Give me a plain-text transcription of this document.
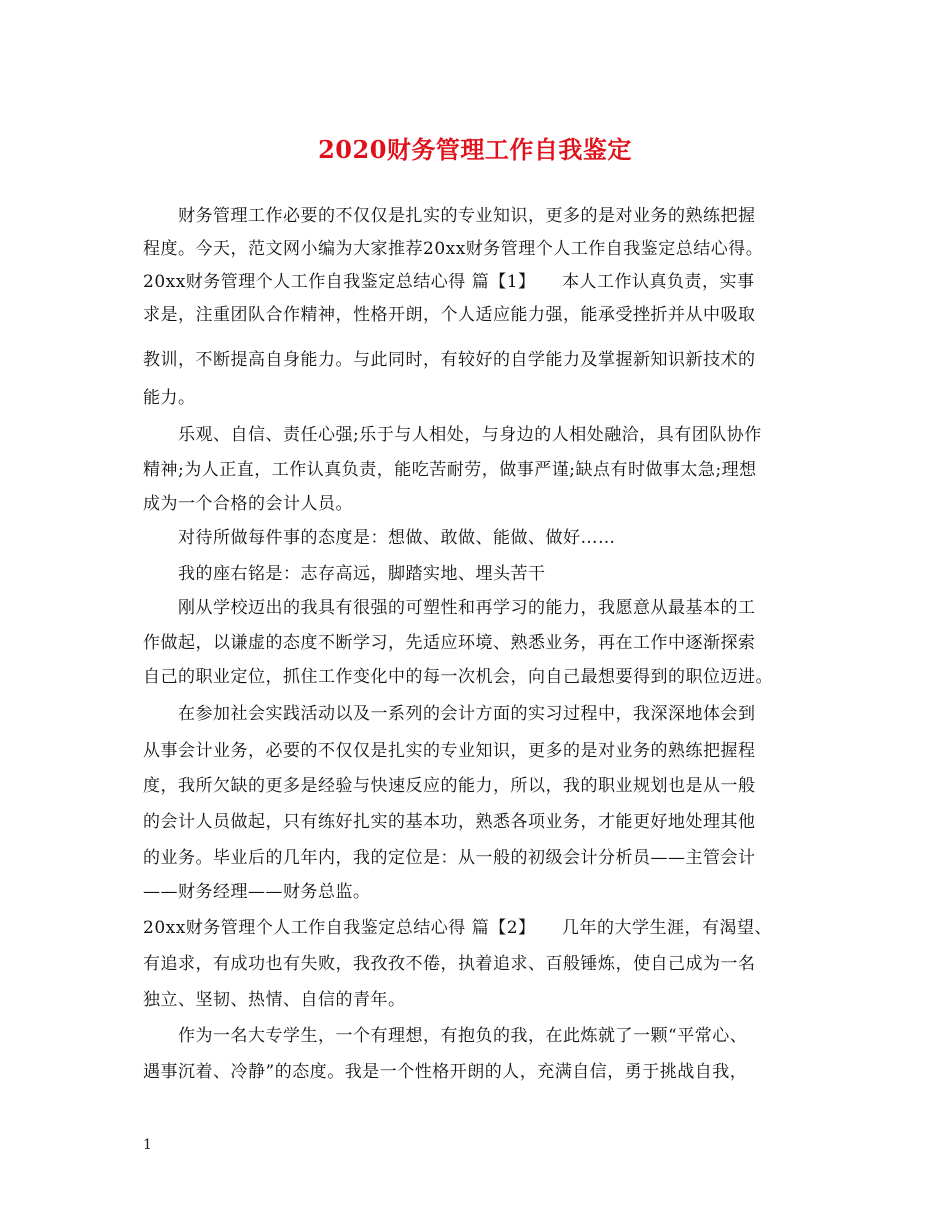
2020财务管理工作自我鉴定
　　财务管理工作必要的不仅仅是扎实的专业知识，更多的是对业务的熟练把握
程度。今天，范文网小编为大家推荐20xx财务管理个人工作自我鉴定总结心得。
20xx财务管理个人工作自我鉴定总结心得 篇【1】　　本人工作认真负责，实事
求是，注重团队合作精神，性格开朗，个人适应能力强，能承受挫折并从中吸取
教训，不断提高自身能力。与此同时，有较好的自学能力及掌握新知识新技术的
能力。
　　乐观、自信、责任心强;乐于与人相处，与身边的人相处融洽，具有团队协作
精神;为人正直，工作认真负责，能吃苦耐劳，做事严谨;缺点有时做事太急;理想
成为一个合格的会计人员。
　　对待所做每件事的态度是：想做、敢做、能做、做好……
　　我的座右铭是：志存高远，脚踏实地、埋头苦干
　　刚从学校迈出的我具有很强的可塑性和再学习的能力，我愿意从最基本的工
作做起，以谦虚的态度不断学习，先适应环境、熟悉业务，再在工作中逐渐探索
自己的职业定位，抓住工作变化中的每一次机会，向自己最想要得到的职位迈进。
　　在参加社会实践活动以及一系列的会计方面的实习过程中，我深深地体会到
从事会计业务，必要的不仅仅是扎实的专业知识，更多的是对业务的熟练把握程
度，我所欠缺的更多是经验与快速反应的能力，所以，我的职业规划也是从一般
的会计人员做起，只有练好扎实的基本功，熟悉各项业务，才能更好地处理其他
的业务。毕业后的几年内，我的定位是：从一般的初级会计分析员——主管会计
——财务经理——财务总监。
20xx财务管理个人工作自我鉴定总结心得 篇【2】　　几年的大学生涯，有渴望、
有追求，有成功也有失败，我孜孜不倦，执着追求、百般锤炼，使自己成为一名
独立、坚韧、热情、自信的青年。
　　作为一名大专学生，一个有理想，有抱负的我，在此炼就了一颗“平常心、
遇事沉着、冷静”的态度。我是一个性格开朗的人，充满自信，勇于挑战自我，
1
